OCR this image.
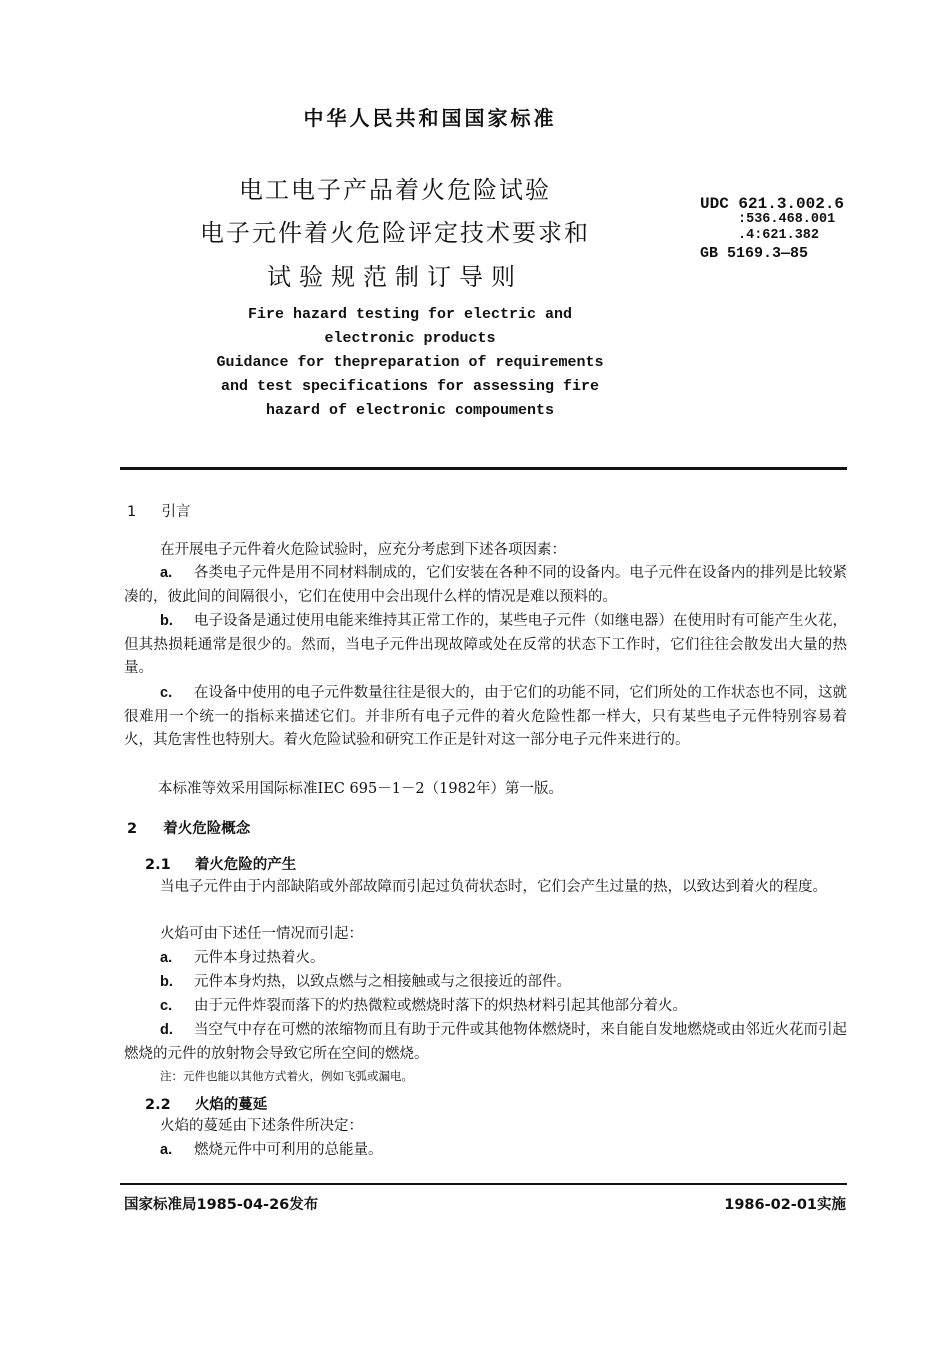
中华人民共和国国家标准
电工电子产品着火危险试验
电子元件着火危险评定技术要求和
试验规范制订导则
Fire hazard testing for electric and
electronic products
Guidance for thepreparation of requirements
and test specifications for assessing fire
hazard of electronic compouments
UDC 621.3.002.6
:536.468.001
.4:621.382
GB 5169.3—85
1 引言
在开展电子元件着火危险试验时，应充分考虑到下述各项因素：
a. 各类电子元件是用不同材料制成的，它们安装在各种不同的设备内。电子元件在设备内的排列是比较紧凑的，彼此间的间隔很小，它们在使用中会出现什么样的情况是难以预料的。
b. 电子设备是通过使用电能来维持其正常工作的，某些电子元件（如继电器）在使用时有可能产生火花，但其热损耗通常是很少的。然而，当电子元件出现故障或处在反常的状态下工作时，它们往往会散发出大量的热量。
c. 在设备中使用的电子元件数量往往是很大的，由于它们的功能不同，它们所处的工作状态也不同，这就很难用一个统一的指标来描述它们。并非所有电子元件的着火危险性都一样大，只有某些电子元件特别容易着火，其危害性也特别大。着火危险试验和研究工作正是针对这一部分电子元件来进行的。
本标准等效采用国际标准IEC 695－1－2（1982年）第一版。
2 着火危险概念
2.1 着火危险的产生
当电子元件由于内部缺陷或外部故障而引起过负荷状态时，它们会产生过量的热，以致达到着火的程度。
火焰可由下述任一情况而引起：
a. 元件本身过热着火。
b. 元件本身灼热，以致点燃与之相接触或与之很接近的部件。
c. 由于元件炸裂而落下的灼热微粒或燃烧时落下的炽热材料引起其他部分着火。
d. 当空气中存在可燃的浓缩物而且有助于元件或其他物体燃烧时，来自能自发地燃烧或由邻近火花而引起燃烧的元件的放射物会导致它所在空间的燃烧。
注：元件也能以其他方式着火，例如飞弧或漏电。
2.2 火焰的蔓延
火焰的蔓延由下述条件所决定：
a. 燃烧元件中可利用的总能量。
国家标准局1985-04-26发布	1986-02-01实施
